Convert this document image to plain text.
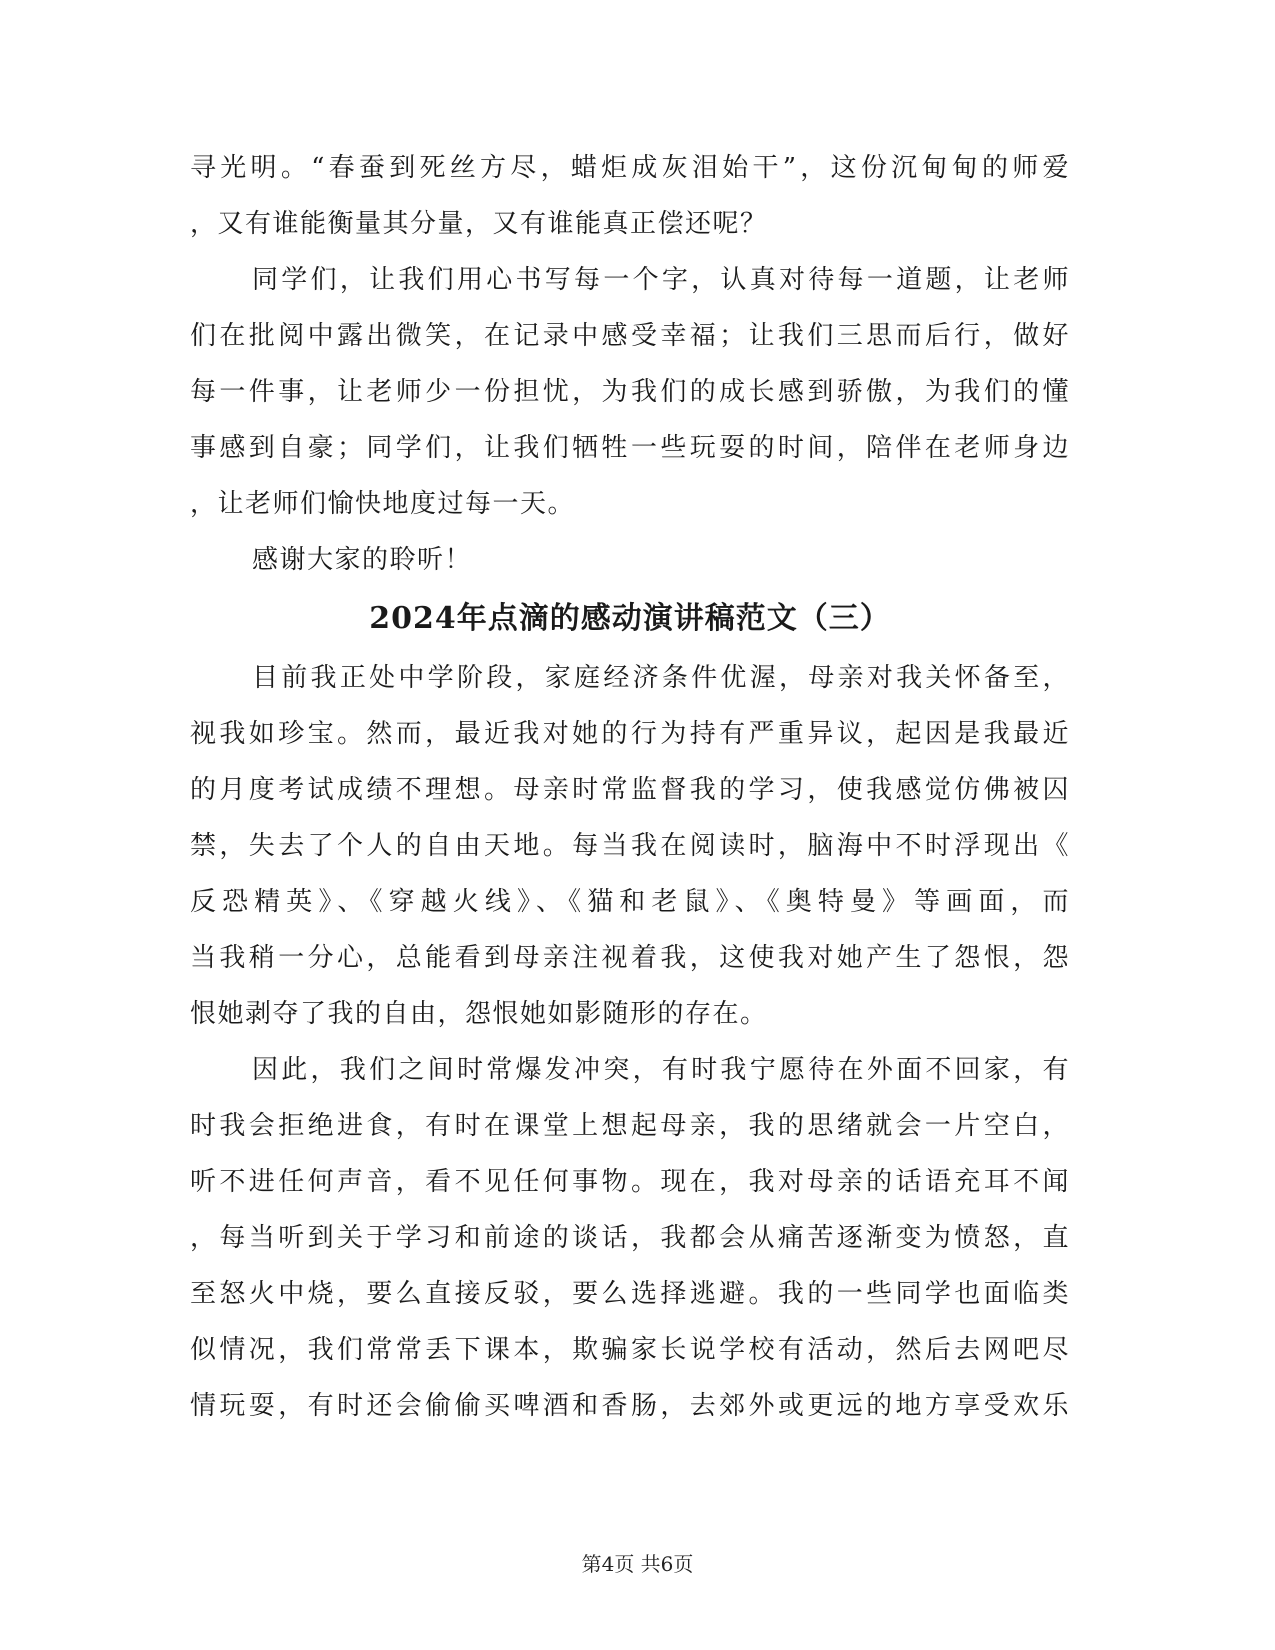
寻光明。“春蚕到死丝方尽，蜡炬成灰泪始干”，这份沉甸甸的师爱
，又有谁能衡量其分量，又有谁能真正偿还呢？
同学们，让我们用心书写每一个字，认真对待每一道题，让老师
们在批阅中露出微笑，在记录中感受幸福；让我们三思而后行，做好
每一件事，让老师少一份担忧，为我们的成长感到骄傲，为我们的懂
事感到自豪；同学们，让我们牺牲一些玩耍的时间，陪伴在老师身边
，让老师们愉快地度过每一天。
感谢大家的聆听！
2024年点滴的感动演讲稿范文（三）
目前我正处中学阶段，家庭经济条件优渥，母亲对我关怀备至，
视我如珍宝。然而，最近我对她的行为持有严重异议，起因是我最近
的月度考试成绩不理想。母亲时常监督我的学习，使我感觉仿佛被囚
禁，失去了个人的自由天地。每当我在阅读时，脑海中不时浮现出《
反恐精英》、《穿越火线》、《猫和老鼠》、《奥特曼》等画面，而
当我稍一分心，总能看到母亲注视着我，这使我对她产生了怨恨，怨
恨她剥夺了我的自由，怨恨她如影随形的存在。
因此，我们之间时常爆发冲突，有时我宁愿待在外面不回家，有
时我会拒绝进食，有时在课堂上想起母亲，我的思绪就会一片空白，
听不进任何声音，看不见任何事物。现在，我对母亲的话语充耳不闻
，每当听到关于学习和前途的谈话，我都会从痛苦逐渐变为愤怒，直
至怒火中烧，要么直接反驳，要么选择逃避。我的一些同学也面临类
似情况，我们常常丢下课本，欺骗家长说学校有活动，然后去网吧尽
情玩耍，有时还会偷偷买啤酒和香肠，去郊外或更远的地方享受欢乐
第4页 共6页
